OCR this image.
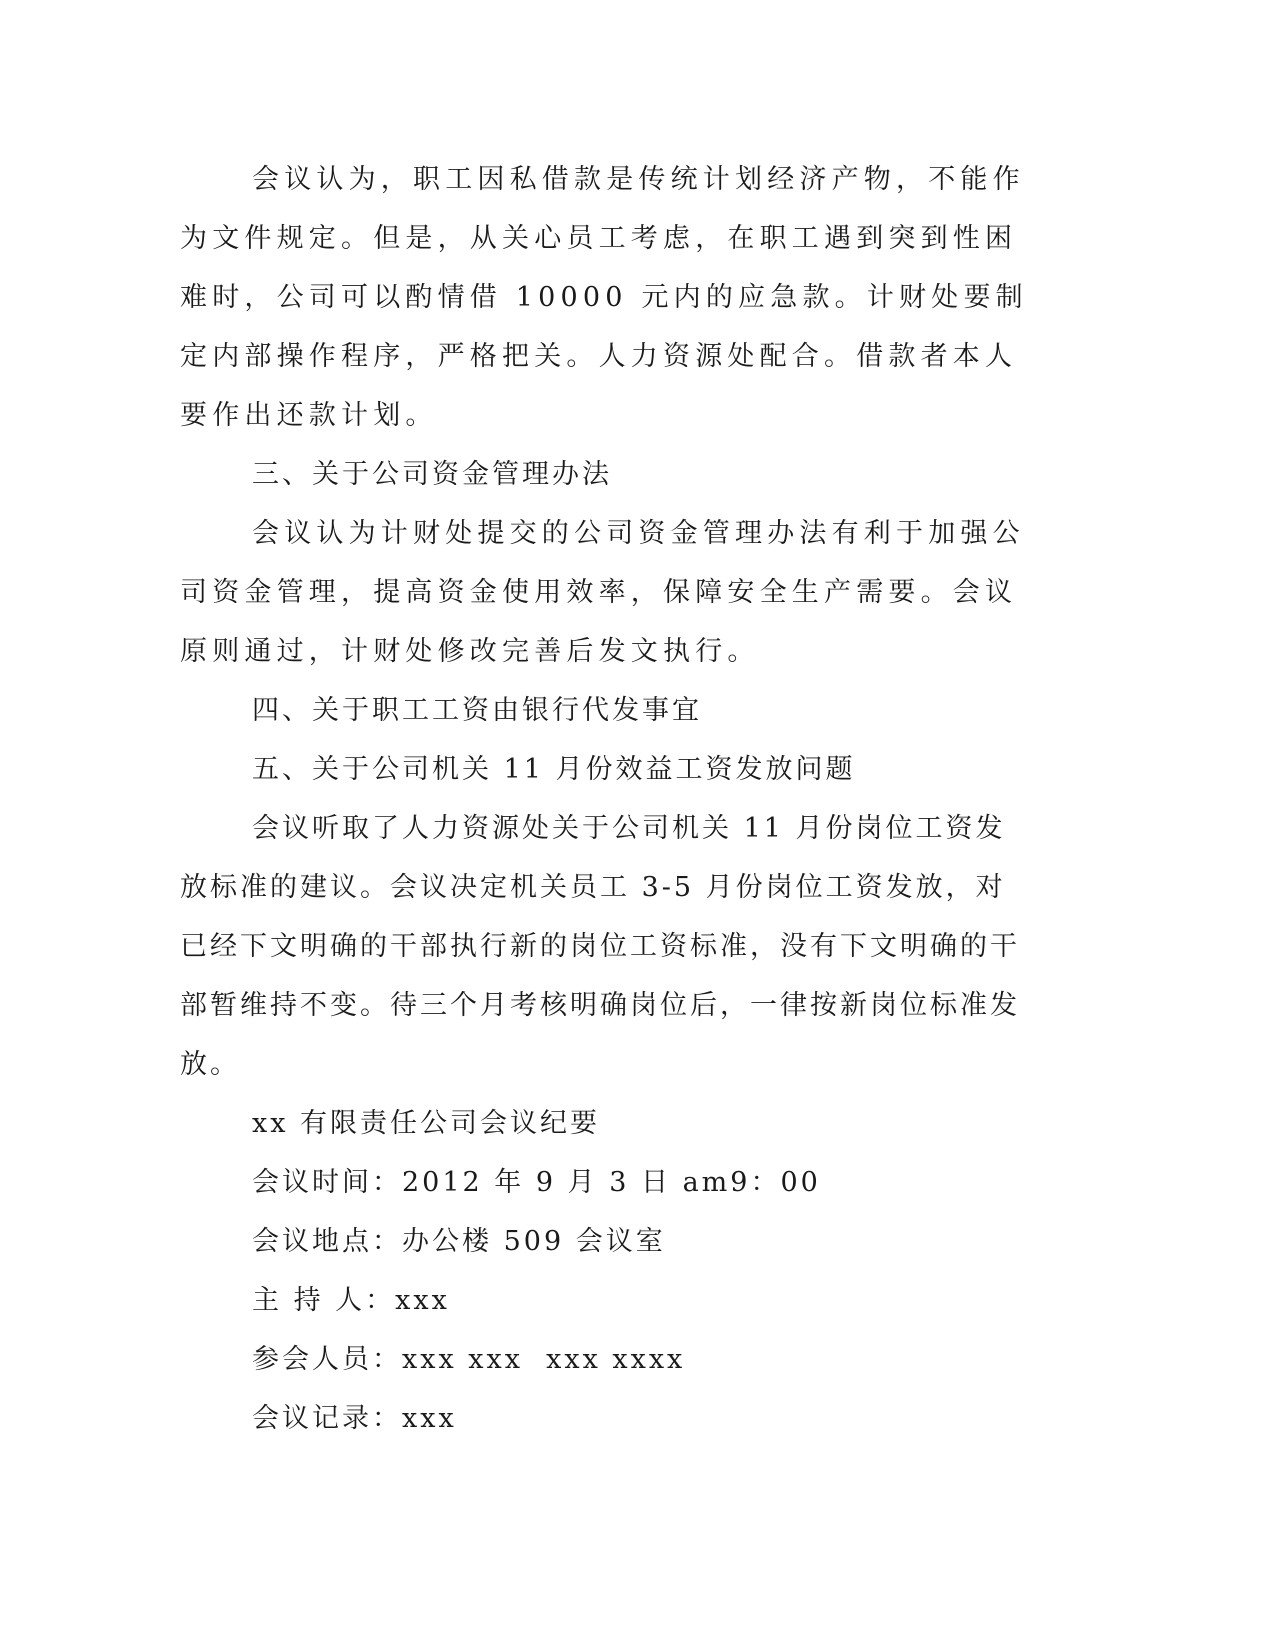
会议认为，职工因私借款是传统计划经济产物，不能作为文件规定。但是，从关心员工考虑，在职工遇到突到性困难时，公司可以酌情借 10000 元内的应急款。计财处要制定内部操作程序，严格把关。人力资源处配合。借款者本人要作出还款计划。

三、关于公司资金管理办法

会议认为计财处提交的公司资金管理办法有利于加强公司资金管理，提高资金使用效率，保障安全生产需要。会议原则通过，计财处修改完善后发文执行。

四、关于职工工资由银行代发事宜

五、关于公司机关 11 月份效益工资发放问题

会议听取了人力资源处关于公司机关 11 月份岗位工资发放标准的建议。会议决定机关员工 3-5 月份岗位工资发放，对已经下文明确的干部执行新的岗位工资标准，没有下文明确的干部暂维持不变。待三个月考核明确岗位后，一律按新岗位标准发放。

xx 有限责任公司会议纪要

会议时间：2012 年 9 月 3 日 am9：00

会议地点：办公楼 509 会议室

主 持 人：xxx

参会人员：xxx xxx  xxx xxxx

会议记录：xxx
